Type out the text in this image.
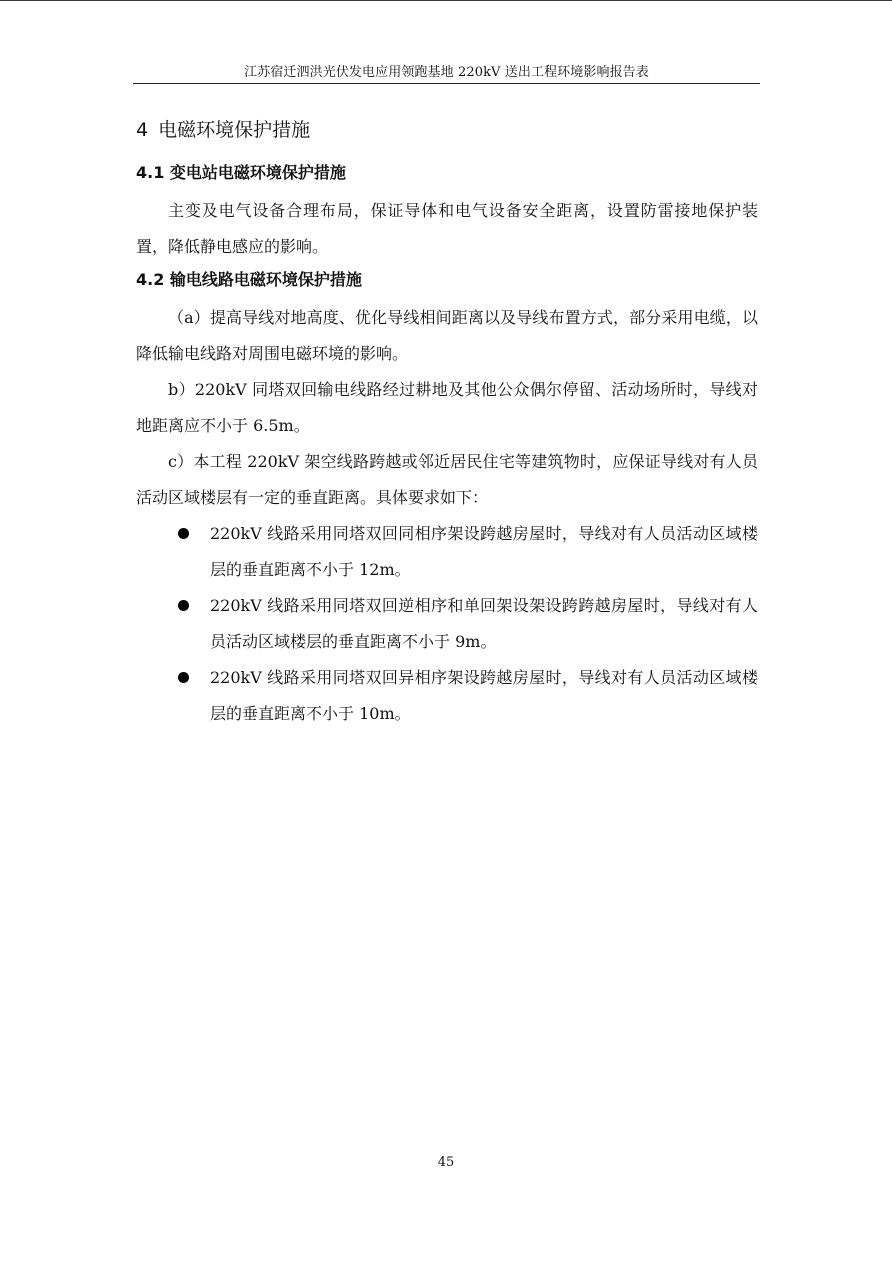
江苏宿迁泗洪光伏发电应用领跑基地 220kV 送出工程环境影响报告表
4 电磁环境保护措施
4.1 变电站电磁环境保护措施

主变及电气设备合理布局，保证导体和电气设备安全距离，设置防雷接地保护装置，降低静电感应的影响。

4.2 输电线路电磁环境保护措施

（a）提高导线对地高度、优化导线相间距离以及导线布置方式，部分采用电缆，以降低输电线路对周围电磁环境的影响。

b）220kV 同塔双回输电线路经过耕地及其他公众偶尔停留、活动场所时，导线对地距离应不小于 6.5m。

c）本工程 220kV 架空线路跨越或邻近居民住宅等建筑物时，应保证导线对有人员活动区域楼层有一定的垂直距离。具体要求如下：

220kV 线路采用同塔双回同相序架设跨越房屋时，导线对有人员活动区域楼层的垂直距离不小于 12m。
220kV 线路采用同塔双回逆相序和单回架设架设跨跨越房屋时，导线对有人员活动区域楼层的垂直距离不小于 9m。
220kV 线路采用同塔双回异相序架设跨越房屋时，导线对有人员活动区域楼层的垂直距离不小于 10m。
45
